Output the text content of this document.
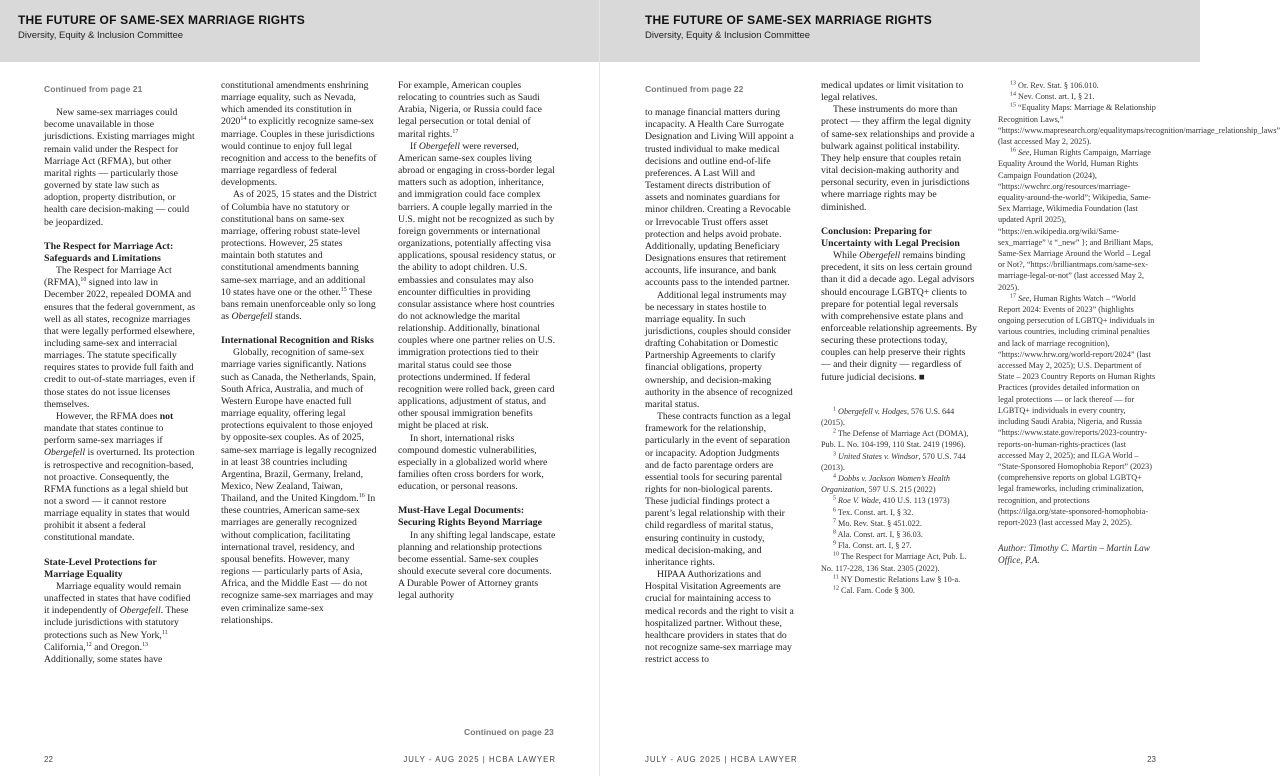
THE FUTURE OF SAME-SEX MARRIAGE RIGHTS
Diversity, Equity & Inclusion Committee
Continued from page 21

New same-sex marriages could become unavailable in those jurisdictions. Existing marriages might remain valid under the Respect for Marriage Act (RFMA), but other marital rights — particularly those governed by state law such as adoption, property distribution, or health care decision-making — could be jeopardized.

The Respect for Marriage Act: Safeguards and Limitations

The Respect for Marriage Act (RFMA),$^{10}$ signed into law in December 2022, repealed DOMA and ensures that the federal government, as well as all states, recognize marriages that were legally performed elsewhere, including same-sex and interracial marriages. The statute specifically requires states to provide full faith and credit to out-of-state marriages, even if those states do not issue licenses themselves.

However, the RFMA does not mandate that states continue to perform same-sex marriages if Obergefell is overturned. Its protection is retrospective and recognition-based, not proactive. Consequently, the RFMA functions as a legal shield but not a sword — it cannot restore marriage equality in states that would prohibit it absent a federal constitutional mandate.

State-Level Protections for Marriage Equality

Marriage equality would remain unaffected in states that have codified it independently of Obergefell. These include jurisdictions with statutory protections such as New York,$^{11}$ California,$^{12}$ and Oregon.$^{13}$ Additionally, some states have

constitutional amendments enshrining marriage equality, such as Nevada, which amended its constitution in 2020$^{14}$ to explicitly recognize same-sex marriage. Couples in these jurisdictions would continue to enjoy full legal recognition and access to the benefits of marriage regardless of federal developments.

As of 2025, 15 states and the District of Columbia have no statutory or constitutional bans on same-sex marriage, offering robust state-level protections. However, 25 states maintain both statutes and constitutional amendments banning same-sex marriage, and an additional 10 states have one or the other.$^{15}$ These bans remain unenforceable only so long as Obergefell stands.

International Recognition and Risks

Globally, recognition of same-sex marriage varies significantly. Nations such as Canada, the Netherlands, Spain, South Africa, Australia, and much of Western Europe have enacted full marriage equality, offering legal protections equivalent to those enjoyed by opposite-sex couples. As of 2025, same-sex marriage is legally recognized in at least 38 countries including Argentina, Brazil, Germany, Ireland, Mexico, New Zealand, Taiwan, Thailand, and the United Kingdom.$^{16}$ In these countries, American same-sex marriages are generally recognized without complication, facilitating international travel, residency, and spousal benefits. However, many regions — particularly parts of Asia, Africa, and the Middle East — do not recognize same-sex marriages and may even criminalize same-sex relationships.

For example, American couples relocating to countries such as Saudi Arabia, Nigeria, or Russia could face legal persecution or total denial of marital rights.$^{17}$

If Obergefell were reversed, American same-sex couples living abroad or engaging in cross-border legal matters such as adoption, inheritance, and immigration could face complex barriers. A couple legally married in the U.S. might not be recognized as such by foreign governments or international organizations, potentially affecting visa applications, spousal residency status, or the ability to adopt children. U.S. embassies and consulates may also encounter difficulties in providing consular assistance where host countries do not acknowledge the marital relationship. Additionally, binational couples where one partner relies on U.S. immigration protections tied to their marital status could see those protections undermined. If federal recognition were rolled back, green card applications, adjustment of status, and other spousal immigration benefits might be placed at risk.

In short, international risks compound domestic vulnerabilities, especially in a globalized world where families often cross borders for work, education, or personal reasons.

Must-Have Legal Documents: Securing Rights Beyond Marriage

In any shifting legal landscape, estate planning and relationship protections become essential. Same-sex couples should execute several core documents. A Durable Power of Attorney grants legal authority

Continued on page 23
22	JULY - AUG 2025 | HCBA LAWYER
THE FUTURE OF SAME-SEX MARRIAGE RIGHTS
Diversity, Equity & Inclusion Committee
Continued from page 22

to manage financial matters during incapacity. A Health Care Surrogate Designation and Living Will appoint a trusted individual to make medical decisions and outline end-of-life preferences. A Last Will and Testament directs distribution of assets and nominates guardians for minor children. Creating a Revocable or Irrevocable Trust offers asset protection and helps avoid probate. Additionally, updating Beneficiary Designations ensures that retirement accounts, life insurance, and bank accounts pass to the intended partner.

Additional legal instruments may be necessary in states hostile to marriage equality. In such jurisdictions, couples should consider drafting Cohabitation or Domestic Partnership Agreements to clarify financial obligations, property ownership, and decision-making authority in the absence of recognized marital status.

These contracts function as a legal framework for the relationship, particularly in the event of separation or incapacity. Adoption Judgments and de facto parentage orders are essential tools for securing parental rights for non-biological parents. These judicial findings protect a parent’s legal relationship with their child regardless of marital status, ensuring continuity in custody, medical decision-making, and inheritance rights.

HIPAA Authorizations and Hospital Visitation Agreements are crucial for maintaining access to medical records and the right to visit a hospitalized partner. Without these, healthcare providers in states that do not recognize same-sex marriage may restrict access to

medical updates or limit visitation to legal relatives.

These instruments do more than protect — they affirm the legal dignity of same-sex relationships and provide a bulwark against political instability. They help ensure that couples retain vital decision-making authority and personal security, even in jurisdictions where marriage rights may be diminished.

Conclusion: Preparing for Uncertainty with Legal Precision

While Obergefell remains binding precedent, it sits on less certain ground than it did a decade ago. Legal advisors should encourage LGBTQ+ clients to prepare for potential legal reversals with comprehensive estate plans and enforceable relationship agreements. By securing these protections today, couples can help preserve their rights — and their dignity — regardless of future judicial decisions. ■

$^1$ Obergefell v. Hodges, 576 U.S. 644 (2015).

$^2$ The Defense of Marriage Act (DOMA), Pub. L. No. 104-199, 110 Stat. 2419 (1996).

$^3$ United States v. Windsor, 570 U.S. 744 (2013).

$^4$ Dobbs v. Jackson Women’s Health Organization, 597 U.S. 215 (2022)

$^5$ Roe V. Wade, 410 U.S. 113 (1973)

$^6$ Tex. Const. art. I, § 32.

$^7$ Mo. Rev. Stat. § 451.022.

$^8$ Ala. Const. art. I, § 36.03.

$^9$ Fla. Const. art. I, § 27.

$^{10}$ The Respect for Marriage Act, Pub. L. No. 117-228, 136 Stat. 2305 (2022).

$^{11}$ NY Domestic Relations Law § 10-a.

$^{12}$ Cal. Fam. Code § 300.

$^{13}$ Or. Rev. Stat. § 106.010.

$^{14}$ Nev. Const. art. I, § 21.

$^{15}$ “Equality Maps: Marriage & Relationship Recognition Laws,” “https://www.mapresearch.org/equalitymaps/recognition/marriage_relationship_laws” (last accessed May 2, 2025).

$^{16}$ See, Human Rights Campaign, Marriage Equality Around the World, Human Rights Campaign Foundation (2024), “https://wwchrc.org/resources/marriage-equality-around-the-world”; Wikipedia, Same-Sex Marriage, Wikimedia Foundation (last updated April 2025), “https://en.wikipedia.org/wiki/Same-sex_marriage” \t “_new” }; and Brilliant Maps, Same-Sex Marriage Around the World – Legal or Not?, “https://brilliantmaps.com/same-sex-marriage-legal-or-not” (last accessed May 2, 2025).

$^{17}$ See, Human Rights Watch – “World Report 2024: Events of 2023” (highlights ongoing persecution of LGBTQ+ individuals in various countries, including criminal penalties and lack of marriage recognition), “https://www.hrw.org/world-report/2024” (last accessed May 2, 2025); U.S. Department of State – 2023 Country Reports on Human Rights Practices (provides detailed information on legal protections — or lack thereof — for LGBTQ+ individuals in every country, including Saudi Arabia, Nigeria, and Russia “https://www.state.gov/reports/2023-country-reports-on-human-rights-practices (last accessed May 2, 2025); and ILGA World – “State-Sponsored Homophobia Report” (2023) (comprehensive reports on global LGBTQ+ legal frameworks, including criminalization, recognition, and protections (https://ilga.org/state-sponsored-homophobia-report-2023 (last accessed May 2, 2025).

Author: Timothy C. Martin – Martin Law Office, P.A.
JULY - AUG 2025 | HCBA LAWYER	23
